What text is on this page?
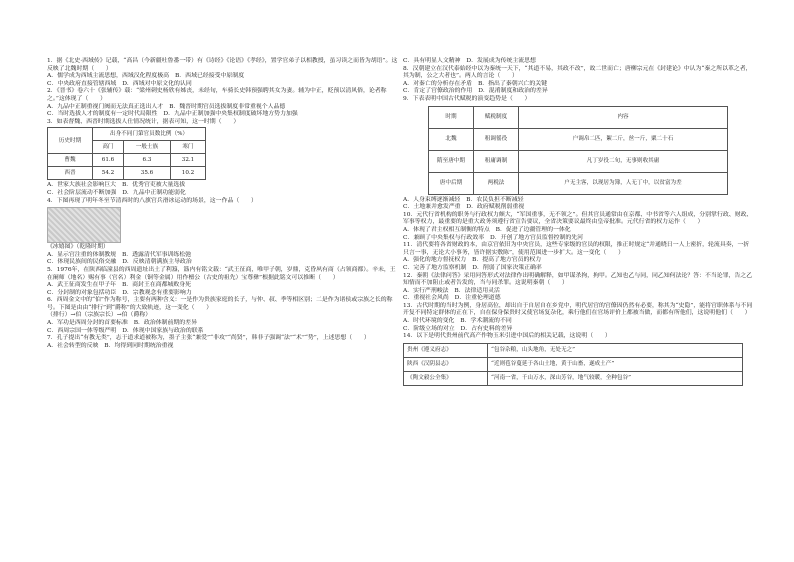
1．据《北史·西域传》记载，“高昌（今新疆吐鲁番一带）有《诗经》《论语》《孝经》，置学官弟子以相教授，虽习读之而皆为胡语”。这反映了北魏时期（　　）

A．儒学成为西域主流思想，西域汉化程度极高　B．西域已经接受中原制度

C．中央政府直接管辖西域　D．西域对中原文化的认同

2．《晋书》卷六十《张辅传》载：“梁州刺史杨欣有姊丧，未经旬，车骑长史韩预强聘其女为妻。辅为中正，贬预以清风俗，论者称之。”这体现了（　　）

A．九品中正制重视门阀而无法真正选出人才　B．魏晋时期官员选拔制度非常重视个人品德

C．当时选拔人才的制度有一定时代局限性　D．九品中正制加强中央集权制度破坏地方势力加强

3．如表督魏、西晋时期选拔人仕情况统计，据表可知，这一时期（　　）

历史时期	出身不同门第官员数比例（%）		
	高门	一般士族	寒门
曹魏	61.6	6.3	32.1
西晋	54.2	35.6	10.2

A．世家大族社会影响巨大　B．优秀官吏被大量选拔

C．社会阶层流动不断加强　D．九品中正制功能弱化

4．下图再现了明年冬至节清西时的八旗官兵滑冰运动的场景，这一作品（　　）

《冰嬉图》（乾隆时期）

A．显示官注重的体制教规　B．透露清代军事训练松弛

C．体现民族间的民俗交融　D．反映清朝满族主导政治

5．1976年，在陕西临潼县的西周遗址出土了利簋，簋内有铭文载：“武王征商，唯甲子朝，岁鼎，克昏夙有商（占领商都）。辛未，王在阑师（地名）赐有事（官名）利金（铜等金属）用作檀公（古史的祖先）宝尊彝”根据此铭文可以推断（　　）

A．武王征商发生在甲子年　B．商封王在商都城败身死

C．分封制的对象包括功臣　D．宗教观念有重要影响力

6．西周金文中的“伯”作为称号，主要有两种含义：一是作为贵族家庭的长子，与仲、叔、季等相区别；二是作为诸侯或宗族之长的称号。下图是由由“排行”到“爵称”的大致轨迹，这一变化（　　）

（排行）→伯（宗族宗长）→伯（爵称）

A．军功是西周分封的首要标准　B．政治体制前期的差异

C．西周宗国一体等级严明　D．体现中国家族与政治的联系

7．孔子提出“有教无类”，志于道求道被称为，墨子主张“兼爱”“非攻”“尚贤”，韩非子强调“法”“术”“势”，上述思想（　　）

A．社会转型的反映　B．均得到同时期统治重视

C．具有明显人文精神　D．发展成为传统主流思想

8．汉朝建立在汉代泰始经中以为秦统一天下，“其道不易，其政不改”，故二世而亡；唐柳宗元在《封建论》中认为“秦之所以革之者，其为制，公之大者也”。两人的言论（　　）

A．对秦亡的分析存在矛盾　B．指出了秦朝兴亡的关键

C．肯定了官僚政治的作用　D．混淆制度和政治的差异

9．下表表明中国古代赋税的演变趋势是（　　）

时期	赋税制度	内容
北魏	租调徭役	户调帛二匹，絮二斤，丝一斤，粟二十石
隋至唐中期	租庸调制	凡丁岁役二旬，无事则收其庸
唐中后期	两税法	户无主客，以现居为簿，人无丁中，以贫富为差

A．人身束缚逐渐减轻　B．农民负担不断减轻

C．土地兼并愈发严重　D．政府赋税削弱重视

10．元代行省机构的职务与行政权力颇大，“军国重事，无不领之”。但其官员通常由在京都、中书省等六人组成，分别掌行政、财政、军事等权力，最重要的是重大政务须遵行省宣告要议，全省决策要议最终由皇帝批准。元代行省的权力运作（　　）

A．体现了君主权相互制衡的特点　B．促进了边疆管理的一体化

C．兼顾了中央集权与行政效率　D．开创了地方官员监督控制的先河

11．清代要将各省财政的本，由京官依旧为中央官员，这些专家级的官员的权限，推正时规定“并通晓日一人上密折，轮流具奏，一折只言一事，无论大小事务，皆许据实敷陈”，使用范围进一步扩大。这一变化（　　）

A．强化的地方督抚权力　B．提高了地方官员的权力

C．完善了地方监察机制　D．削弱了国家决策正确率

12．秦朝《法律问答》采用问答形式对法律作出明确解释，如甲谋杀拘，拘甲。乙知也乙与同，同乙知何法论？答：不当论罪，告之乙知情而不加阻止或者告发的，当与同杀罪。这说明秦朝（　　）

A．实行严刑峻法　B．法律适用灵活

C．重视社会风尚　D．注重伦理道德

13．古代时期的当时为例，身居高位，却出自于自居自在乡党中，明代居官的官僚因仍然有必要，称其为“史隐”，能将官职体系与不同开复不同特定群体的正在下，自在保身保贵时又使官场复杂化，乘行他们在官场评价上都被当做，而都有所他们，这说明他们（　　）

A．时代环境的变化　B．学术潮流的不同

C．阶级立场的对立　D．占有史料的差异

14．以下是明代贵州前代高产作物玉米引进中国后的相关记载，这说明（　　）

贵州《遵义府志》	“包谷杂粮，山头地角，无处无之”
陕西《汉阴县志》	“近则苞谷蔓延于各山土地，黄于山畜，遂成土产”
《陶文毅公全集》	“河南一省，千山万水，深山芳谷，地气较暖，全种包谷”
